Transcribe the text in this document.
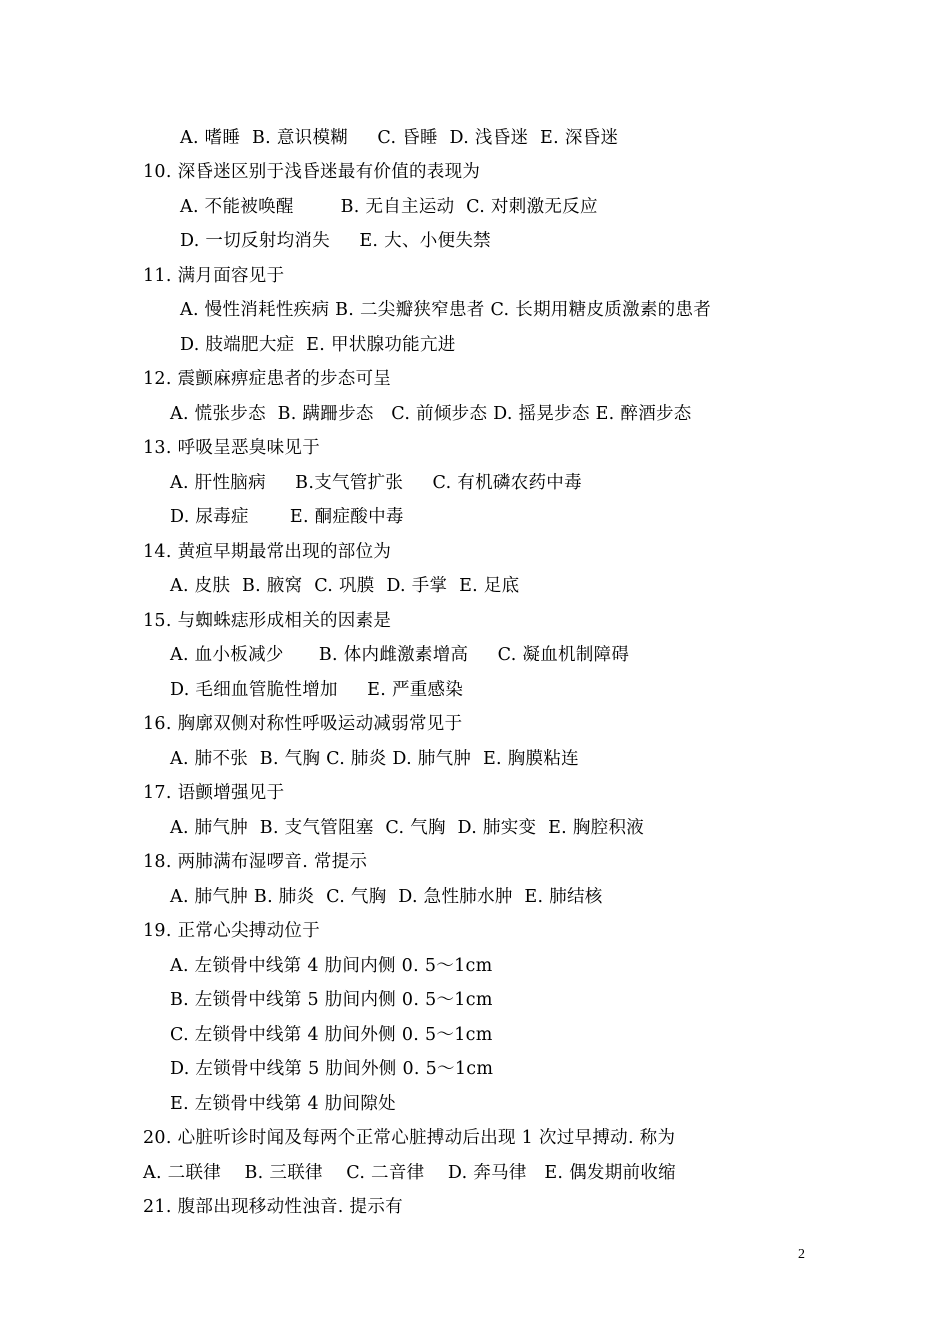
A. 嗜睡  B. 意识模糊     C. 昏睡  D. 浅昏迷  E. 深昏迷
10. 深昏迷区别于浅昏迷最有价值的表现为
A. 不能被唤醒        B. 无自主运动  C. 对刺激无反应
D. 一切反射均消失     E. 大、小便失禁
11. 满月面容见于
A. 慢性消耗性疾病 B. 二尖瓣狭窄患者 C. 长期用糖皮质激素的患者
D. 肢端肥大症  E. 甲状腺功能亢进
12. 震颤麻痹症患者的步态可呈
A. 慌张步态  B. 蹒跚步态   C. 前倾步态 D. 摇晃步态 E. 醉酒步态
13. 呼吸呈恶臭味见于
A. 肝性脑病     B.支气管扩张     C. 有机磷农药中毒
D. 尿毒症       E. 酮症酸中毒
14. 黄疸早期最常出现的部位为
A. 皮肤  B. 腋窝  C. 巩膜  D. 手掌  E. 足底
15. 与蜘蛛痣形成相关的因素是
A. 血小板减少      B. 体内雌激素增高     C. 凝血机制障碍
D. 毛细血管脆性增加     E. 严重感染
16. 胸廓双侧对称性呼吸运动减弱常见于
A. 肺不张  B. 气胸 C. 肺炎 D. 肺气肿  E. 胸膜粘连
17. 语颤增强见于
A. 肺气肿  B. 支气管阻塞  C. 气胸  D. 肺实变  E. 胸腔积液
18. 两肺满布湿啰音. 常提示
A. 肺气肿 B. 肺炎  C. 气胸  D. 急性肺水肿  E. 肺结核
19. 正常心尖搏动位于
A. 左锁骨中线第 4 肋间内侧 0. 5～1cm
B. 左锁骨中线第 5 肋间内侧 0. 5～1cm
C. 左锁骨中线第 4 肋间外侧 0. 5～1cm
D. 左锁骨中线第 5 肋间外侧 0. 5～1cm
E. 左锁骨中线第 4 肋间隙处
20. 心脏听诊时闻及每两个正常心脏搏动后出现 1 次过早搏动. 称为
A. 二联律    B. 三联律    C. 二音律    D. 奔马律   E. 偶发期前收缩
21. 腹部出现移动性浊音. 提示有
2
